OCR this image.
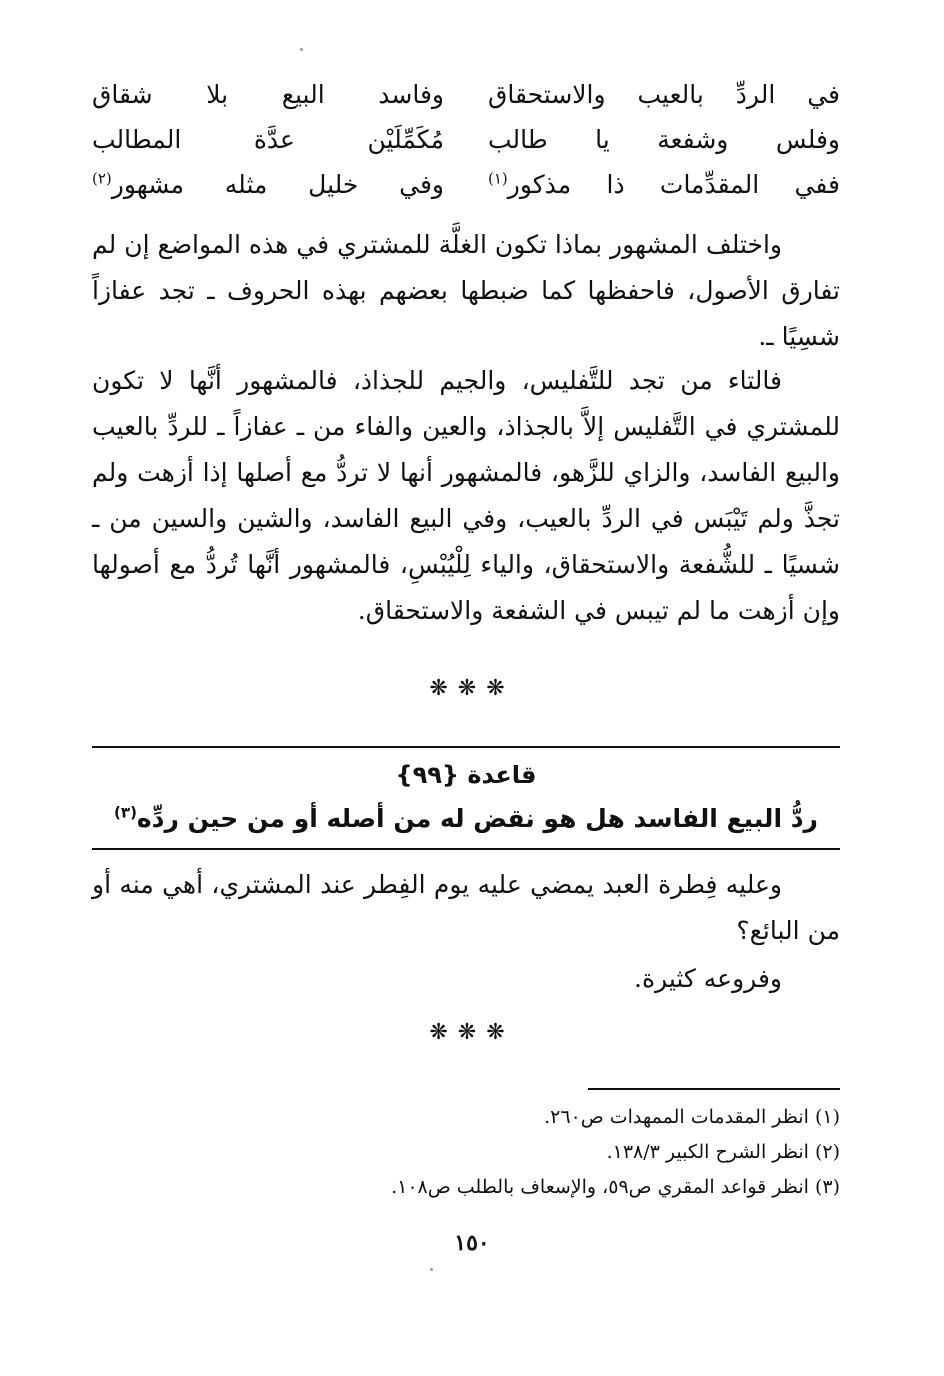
في الردِّ بالعيب والاستحقاق
وفاسد البيع بلا شقاق
وفلس وشفعة يا طالب
مُكَمِّلَيْن عدَّة المطالب
ففي المقدِّمات ذا مذكور$^{(١)}$
وفي خليل مثله مشهور$^{(٢)}$

واختلف المشهور بماذا تكون الغلَّة للمشتري في هذه المواضع إن لم تفارق الأصول، فاحفظها كما ضبطها بعضهم بهذه الحروف ـ تجد عفازاً شسِيًا ـ.

فالتاء من تجد للتَّفليس، والجيم للجذاذ، فالمشهور أنَّها لا تكون للمشتري في التَّفليس إلاَّ بالجذاذ، والعين والفاء من ـ عفازاً ـ للردِّ بالعيب والبيع الفاسد، والزاي للزَّهو، فالمشهور أنها لا تردُّ مع أصلها إذا أزهت ولم تجذَّ ولم تَيْبَس في الردِّ بالعيب، وفي البيع الفاسد، والشين والسين من ـ شسيًا ـ للشُّفعة والاستحقاق، والياء لِلْيُبْسِ، فالمشهور أنَّها تُردُّ مع أصولها وإن أزهت ما لم تيبس في الشفعة والاستحقاق.

❋❋❋
قاعدة {٩٩}
ردُّ البيع الفاسد هل هو نقض له من أصله أو من حين ردِّه$^{(٣)}$

وعليه فِطرة العبد يمضي عليه يوم الفِطر عند المشتري، أهي منه أو من البائع؟

وفروعه كثيرة.

❋❋❋
(١) انظر المقدمات الممهدات ص٢٦٠.
(٢) انظر الشرح الكبير ١٣٨/٣.
(٣) انظر قواعد المقري ص٥٩، والإسعاف بالطلب ص١٠٨.
١٥٠
